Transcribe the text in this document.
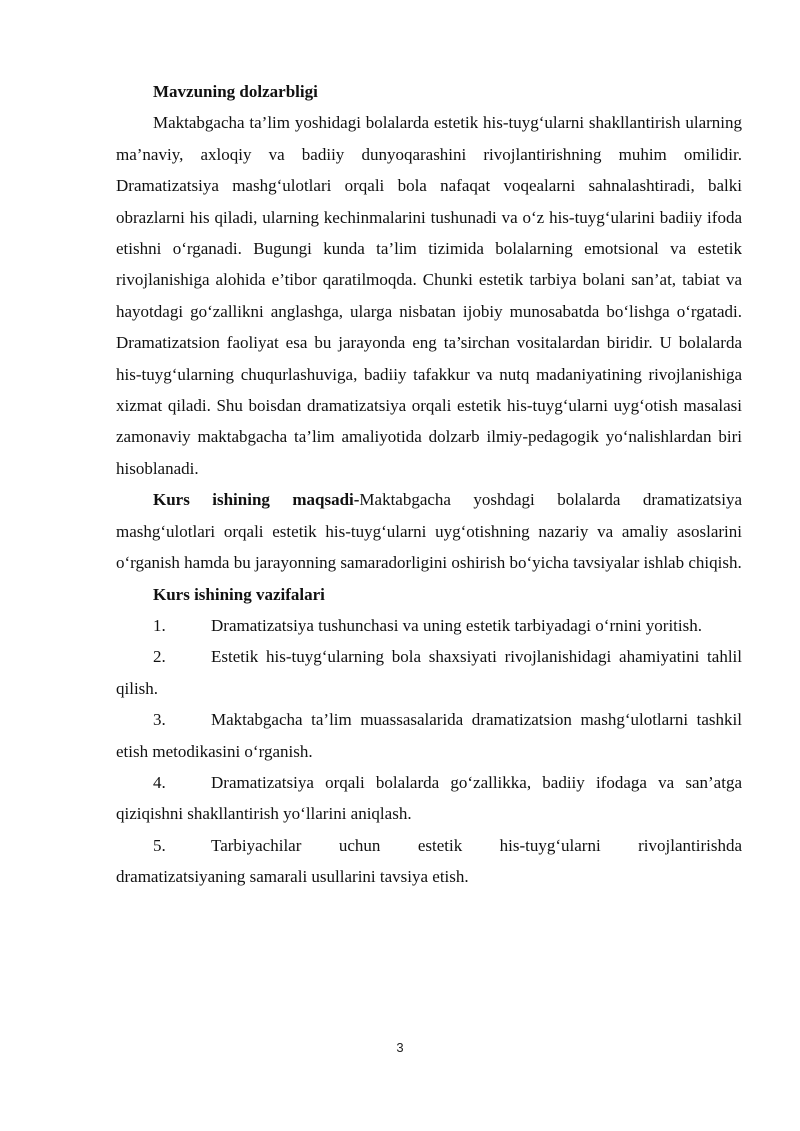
Mavzuning dolzarbligi

Maktabgacha ta’lim yoshidagi bolalarda estetik his-tuyg‘ularni shakllantirish ularning ma’naviy, axloqiy va badiiy dunyoqarashini rivojlantirishning muhim omilidir. Dramatizatsiya mashg‘ulotlari orqali bola nafaqat voqealarni sahnalashtiradi, balki obrazlarni his qiladi, ularning kechinmalarini tushunadi va o‘z his-tuyg‘ularini badiiy ifoda etishni o‘rganadi. Bugungi kunda ta’lim tizimida bolalarning emotsional va estetik rivojlanishiga alohida e’tibor qaratilmoqda. Chunki estetik tarbiya bolani san’at, tabiat va hayotdagi go‘zallikni anglashga, ularga nisbatan ijobiy munosabatda bo‘lishga o‘rgatadi. Dramatizatsion faoliyat esa bu jarayonda eng ta’sirchan vositalardan biridir. U bolalarda his-tuyg‘ularning chuqurlashuviga, badiiy tafakkur va nutq madaniyatining rivojlanishiga xizmat qiladi. Shu boisdan dramatizatsiya orqali estetik his-tuyg‘ularni uyg‘otish masalasi zamonaviy maktabgacha ta’lim amaliyotida dolzarb ilmiy-pedagogik yo‘nalishlardan biri hisoblanadi.

Kurs ishining maqsadi-Maktabgacha yoshdagi bolalarda dramatizatsiya mashg‘ulotlari orqali estetik his-tuyg‘ularni uyg‘otishning nazariy va amaliy asoslarini o‘rganish hamda bu jarayonning samaradorligini oshirish bo‘yicha tavsiyalar ishlab chiqish.

Kurs ishining vazifalari

1.	Dramatizatsiya tushunchasi va uning estetik tarbiyadagi o‘rnini yoritish.

2.	Estetik his-tuyg‘ularning bola shaxsiyati rivojlanishidagi ahamiyatini tahlil qilish.

3.	Maktabgacha ta’lim muassasalarida dramatizatsion mashg‘ulotlarni tashkil etish metodikasini o‘rganish.

4.	Dramatizatsiya orqali bolalarda go‘zallikka, badiiy ifodaga va san’atga qiziqishni shakllantirish yo‘llarini aniqlash.

5.	Tarbiyachilar uchun estetik his-tuyg‘ularni rivojlantirishda dramatizatsiyaning samarali usullarini tavsiya etish.

3
